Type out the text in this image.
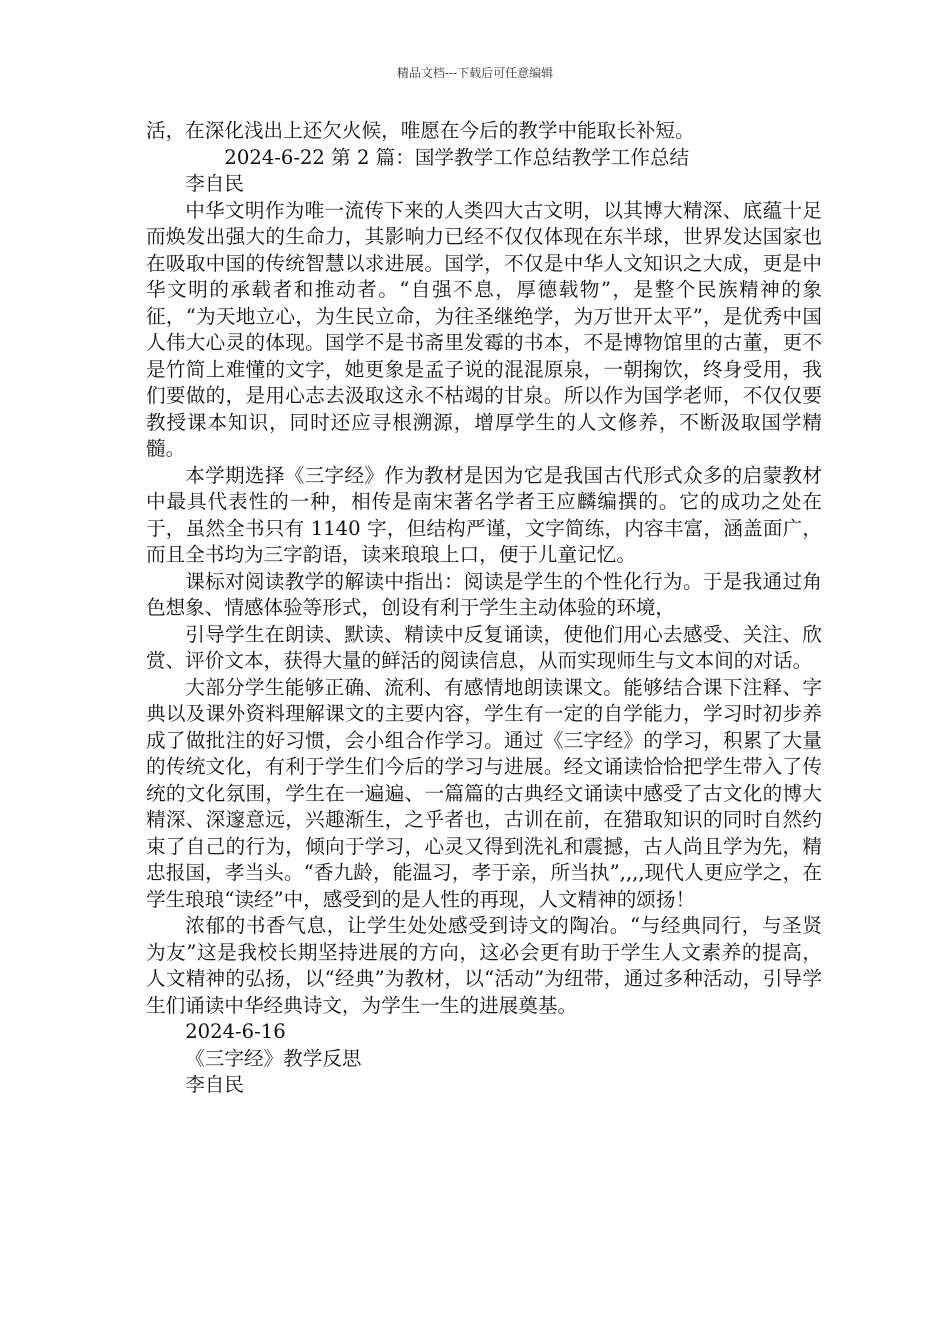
精品文档---下载后可任意编辑
活，在深化浅出上还欠火候，唯愿在今后的教学中能取长补短。
2024-6-22 第 2 篇：国学教学工作总结教学工作总结
李自民
中华文明作为唯一流传下来的人类四大古文明，以其博大精深、底蕴十足而焕发出强大的生命力，其影响力已经不仅仅体现在东半球，世界发达国家也在吸取中国的传统智慧以求进展。国学，不仅是中华人文知识之大成，更是中华文明的承载者和推动者。“自强不息，厚德载物”，是整个民族精神的象征，“为天地立心，为生民立命，为往圣继绝学，为万世开太平”，是优秀中国人伟大心灵的体现。国学不是书斋里发霉的书本，不是博物馆里的古董，更不是竹简上难懂的文字，她更象是孟子说的混混原泉，一朝掬饮，终身受用，我们要做的，是用心志去汲取这永不枯竭的甘泉。所以作为国学老师，不仅仅要教授课本知识，同时还应寻根溯源，增厚学生的人文修养，不断汲取国学精髓。
本学期选择《三字经》作为教材是因为它是我国古代形式众多的启蒙教材中最具代表性的一种，相传是南宋著名学者王应麟编撰的。它的成功之处在于，虽然全书只有 1140 字，但结构严谨，文字简练，内容丰富，涵盖面广，而且全书均为三字韵语，读来琅琅上口，便于儿童记忆。
课标对阅读教学的解读中指出：阅读是学生的个性化行为。于是我通过角色想象、情感体验等形式，创设有利于学生主动体验的环境，
引导学生在朗读、默读、精读中反复诵读，使他们用心去感受、关注、欣赏、评价文本，获得大量的鲜活的阅读信息，从而实现师生与文本间的对话。
大部分学生能够正确、流利、有感情地朗读课文。能够结合课下注释、字典以及课外资料理解课文的主要内容，学生有一定的自学能力，学习时初步养成了做批注的好习惯，会小组合作学习。通过《三字经》的学习，积累了大量的传统文化，有利于学生们今后的学习与进展。经文诵读恰恰把学生带入了传统的文化氛围，学生在一遍遍、一篇篇的古典经文诵读中感受了古文化的博大精深、深邃意远，兴趣渐生，之乎者也，古训在前，在猎取知识的同时自然约束了自己的行为，倾向于学习，心灵又得到洗礼和震撼，古人尚且学为先，精忠报国，孝当头。“香九龄，能温习，孝于亲，所当执”,,,,现代人更应学之，在学生琅琅“读经”中，感受到的是人性的再现，人文精神的颂扬！
浓郁的书香气息，让学生处处感受到诗文的陶冶。“与经典同行，与圣贤为友”这是我校长期坚持进展的方向，这必会更有助于学生人文素养的提高，人文精神的弘扬，以“经典”为教材，以“活动”为纽带，通过多种活动，引导学生们诵读中华经典诗文，为学生一生的进展奠基。
2024-6-16
《三字经》教学反思
李自民
